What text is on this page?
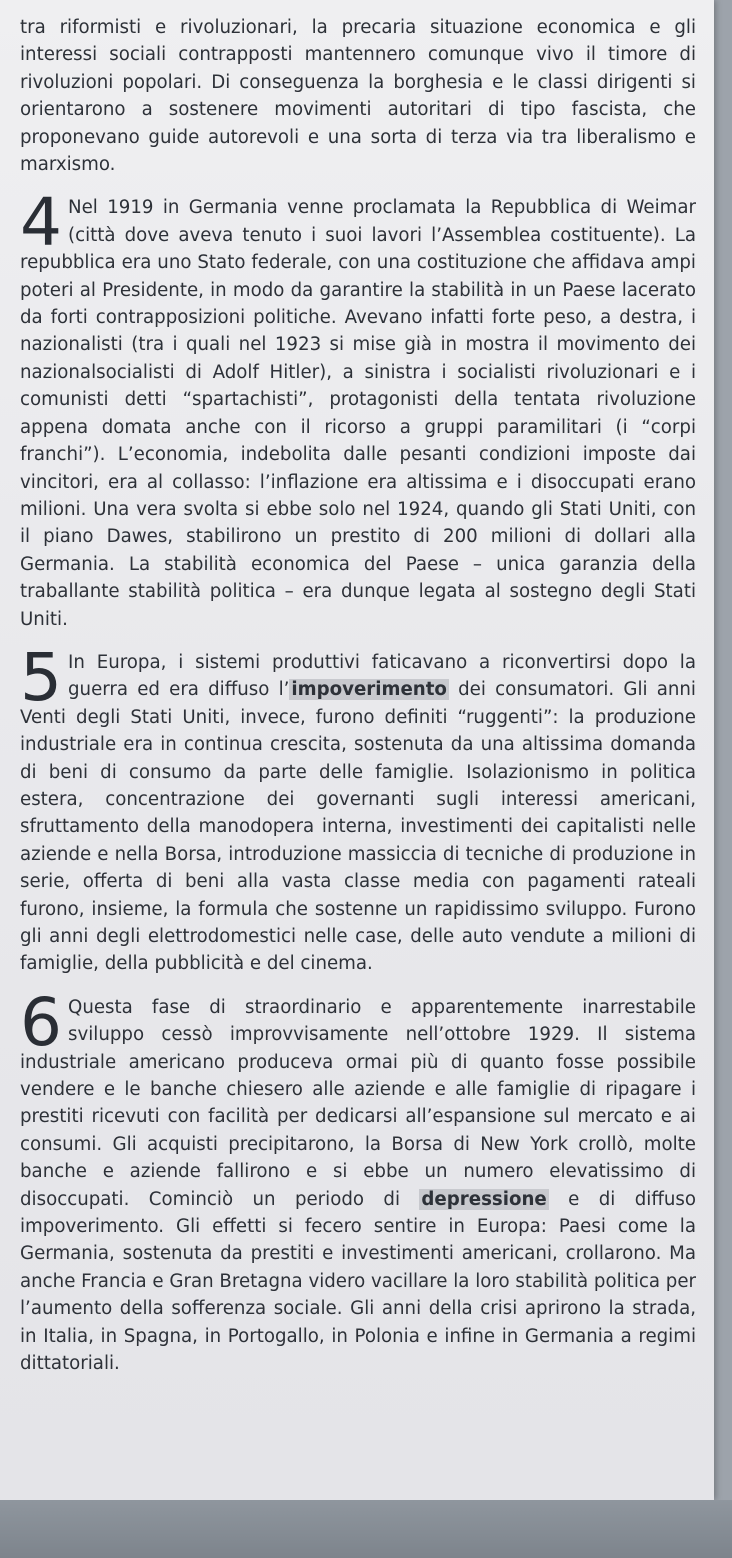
tra riformisti e rivoluzionari, la precaria situazione economica e gli interessi sociali contrapposti mantennero comunque vivo il timore di rivoluzioni popolari. Di conseguenza la borghesia e le classi dirigenti si orientarono a sostenere movimenti autoritari di tipo fascista, che proponevano guide autorevoli e una sorta di terza via tra liberalismo e marxismo.

4 Nel 1919 in Germania venne proclamata la Repubblica di Weimar (città dove aveva tenuto i suoi lavori l’Assemblea costituente). La repubblica era uno Stato federale, con una costituzione che affidava ampi poteri al Presidente, in modo da garantire la stabilità in un Paese lacerato da forti contrapposizioni politiche. Avevano infatti forte peso, a destra, i nazionalisti (tra i quali nel 1923 si mise già in mostra il movimento dei nazionalsocialisti di Adolf Hitler), a sinistra i socialisti rivoluzionari e i comunisti detti “spartachisti”, protagonisti della tentata rivoluzione appena domata anche con il ricorso a gruppi paramilitari (i “corpi franchi”). L’economia, indebolita dalle pesanti condizioni imposte dai vincitori, era al collasso: l’inflazione era altissima e i disoccupati erano milioni. Una vera svolta si ebbe solo nel 1924, quando gli Stati Uniti, con il piano Dawes, stabilirono un prestito di 200 milioni di dollari alla Germania. La stabilità economica del Paese – unica garanzia della traballante stabilità politica – era dunque legata al sostegno degli Stati Uniti.

5 In Europa, i sistemi produttivi faticavano a riconvertirsi dopo la guerra ed era diffuso l’ impoverimento dei consumatori. Gli anni Venti degli Stati Uniti, invece, furono definiti “ruggenti”: la produzione industriale era in continua crescita, sostenuta da una altissima domanda di beni di consumo da parte delle famiglie. Isolazionismo in politica estera, concentrazione dei governanti sugli interessi americani, sfruttamento della manodopera interna, investimenti dei capitalisti nelle aziende e nella Borsa, introduzione massiccia di tecniche di produzione in serie, offerta di beni alla vasta classe media con pagamenti rateali furono, insieme, la formula che sostenne un rapidissimo sviluppo. Furono gli anni degli elettrodomestici nelle case, delle auto vendute a milioni di famiglie, della pubblicità e del cinema.

6 Questa fase di straordinario e apparentemente inarrestabile sviluppo cessò improvvisamente nell’ottobre 1929. Il sistema industriale americano produceva ormai più di quanto fosse possibile vendere e le banche chiesero alle aziende e alle famiglie di ripagare i prestiti ricevuti con facilità per dedicarsi all’espansione sul mercato e ai consumi. Gli acquisti precipitarono, la Borsa di New York crollò, molte banche e aziende fallirono e si ebbe un numero elevatissimo di disoccupati. Cominciò un periodo di depressione e di diffuso impoverimento. Gli effetti si fecero sentire in Europa: Paesi come la Germania, sostenuta da prestiti e investimenti americani, crollarono. Ma anche Francia e Gran Bretagna videro vacillare la loro stabilità politica per l’aumento della sofferenza sociale. Gli anni della crisi aprirono la strada, in Italia, in Spagna, in Portogallo, in Polonia e infine in Germania a regimi dittatoriali.
